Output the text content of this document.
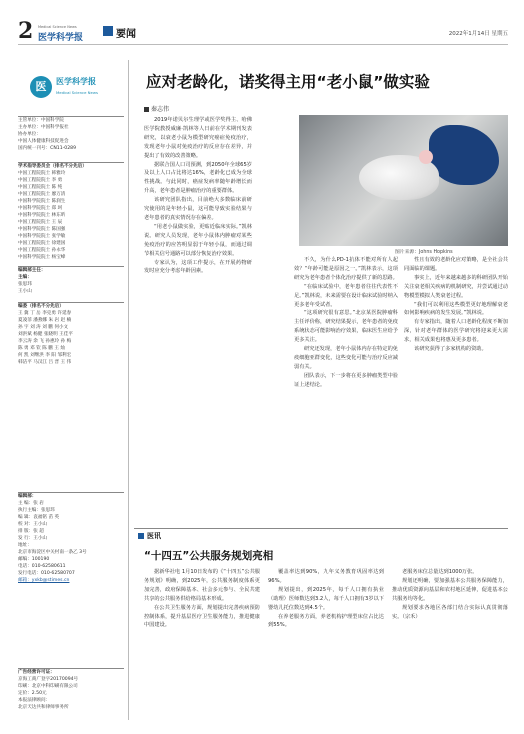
2 Medical Science News
医学科学报	要闻	2022年1月14日 星期五
医	医学科学报
Medical Science News
主管单位：中国科学院
主办单位：中国科学报社
协办单位：
中国人体健康科技促进会
国内统一刊号：CN11-0289
学术指导委员会（排名不分先后）
中国工程院院士 韩雅玲
中国工程院院士 李 勇
中国工程院院士 陈 纯
中国工程院院士 廖万清
中国科学院院士 陈润生
中国科学院院士 郑 珂
中国科学院院士 林东昕
中国工程院院士 王 辰
中国科学院院士 陈国强
中国科学院院士 张学敏
中国工程院院士 徐建国
中国工程院院士 孙永华
中国科学院院士 杨宝峰
编辑部主任：
主编：
张思玮
王小山
编委（排名不分先后）
王 冀 丁 岳 李克勇 许延春
夏凌菲 潘燕娜 朱 岩 赵 楠
孙 宇 刘 涛 刘 鹏 何小文
刘洪斌 杨健 张晓明 王佳平
李云涛 余 飞 孙惠玲 孙 梅
陈 勇 邓 钦 陈 鹏 王 灿
何 凯 刘继洪 李 阳 邹利宏
韩洁平 马汉江 吕 晋 王 伟
编辑部：
主 编：张 岩
执行主编：张思玮
编 辑：袁福铭 苗 英
校 对：王小山
排 版：张 超
发 行：王小山
地址：
北京市海淀区中关村南一条乙 3号
邮编：100190
电话：010-62580611
发行电话：010-62580707
邮箱：yxkb@stimes.cn
广告经营许可证：
京海工商广登字20170094号
印刷：北京中科印刷有限公司
定价：2.50元
本报法律顾问：
北京天达共和律师事务所
应对老龄化，诺奖得主用“老小鼠”做实验
秦志伟

2019年诺贝尔生理学或医学奖得主、哈佛医学院教授威廉·凯林等人日前在学术期刊发表研究，以衰老小鼠为模型研究癌症免疫治疗，发现老年小鼠对免疫治疗的反应存在差异，并提出了有效的改善策略。

据联合国人口司预测，到2050年全球65岁及以上人口占比将达16%，老龄化已成为全球性挑战。与此同时，癌症发病率随年龄增长而升高，老年患者是肿瘤治疗的重要群体。

该研究团队指出，目前绝大多数临床前研究使用的是年轻小鼠，这可能导致实验结果与老年患者的真实情况存在偏差。

“用老小鼠做实验，更贴近临床实际。”凯林说。研究人员发现，老年小鼠体内肿瘤对某些免疫治疗的应答明显弱于年轻小鼠，而通过调节相关信号通路可以部分恢复治疗效果。

专家认为，这项工作提示，在开展药物研发时应充分考虑年龄因素。

图片来源：Johns Hopkins

不久，为什么PD-1抗体不能对所有人起效？“年龄可能是原因之一。”凯林表示，这项研究为老年患者个体化治疗提供了新的思路。

“在临床试验中，老年患者往往代表性不足。”凯林说，未来需要在设计临床试验时纳入更多老年受试者。

“这项研究很有意思。”北京某医院肿瘤科主任评价称，研究结果提示，老年患者的免疫系统状态可能影响治疗效果，临床医生应给予更多关注。

研究还发现，老年小鼠体内存在特定的免疫细胞亚群变化，这些变化可能与治疗反应减弱有关。

团队表示，下一步将在更多肿瘤类型中验证上述结论。

性且有效的老龄化应对策略，是全社会共同面临的课题。

事实上，近年来越来越多的科研团队开始关注衰老相关疾病的机制研究，并尝试通过动物模型模拟人类衰老过程。

“我们可以利用这些模型更好地理解衰老如何影响疾病的发生发展。”凯林说。

有专家指出，随着人口老龄化程度不断加深，针对老年群体的医学研究将迎来更大需求，相关成果也将惠及更多患者。

该研究获得了多家机构的资助。

医讯
“十四五”公共服务规划亮相

据新华社电 1月10日发布的《“十四五”公共服务规划》明确，到2025年，公共服务制度体系更加完善，政府保障基本、社会多元参与、全民共建共享的公共服务供给格局基本形成。

在公共卫生服务方面，规划提出完善疾病预防控制体系，提升基层医疗卫生服务能力，推进健康中国建设。

覆盖率达到90%，九年义务教育巩固率达到96%。

规划提出，到2025年，每千人口拥有执业（助理）医师数达到3.2人，每千人口拥有3岁以下婴幼儿托位数达到4.5个。

在养老服务方面，养老机构护理型床位占比达到55%。

老服务床位总量达到1000万张。

规划还明确，要加强基本公共服务保障能力，推动优质资源向基层和农村地区延伸，促进基本公共服务均等化。

规划要求各地区各部门结合实际认真贯彻落实。（宗禾）
